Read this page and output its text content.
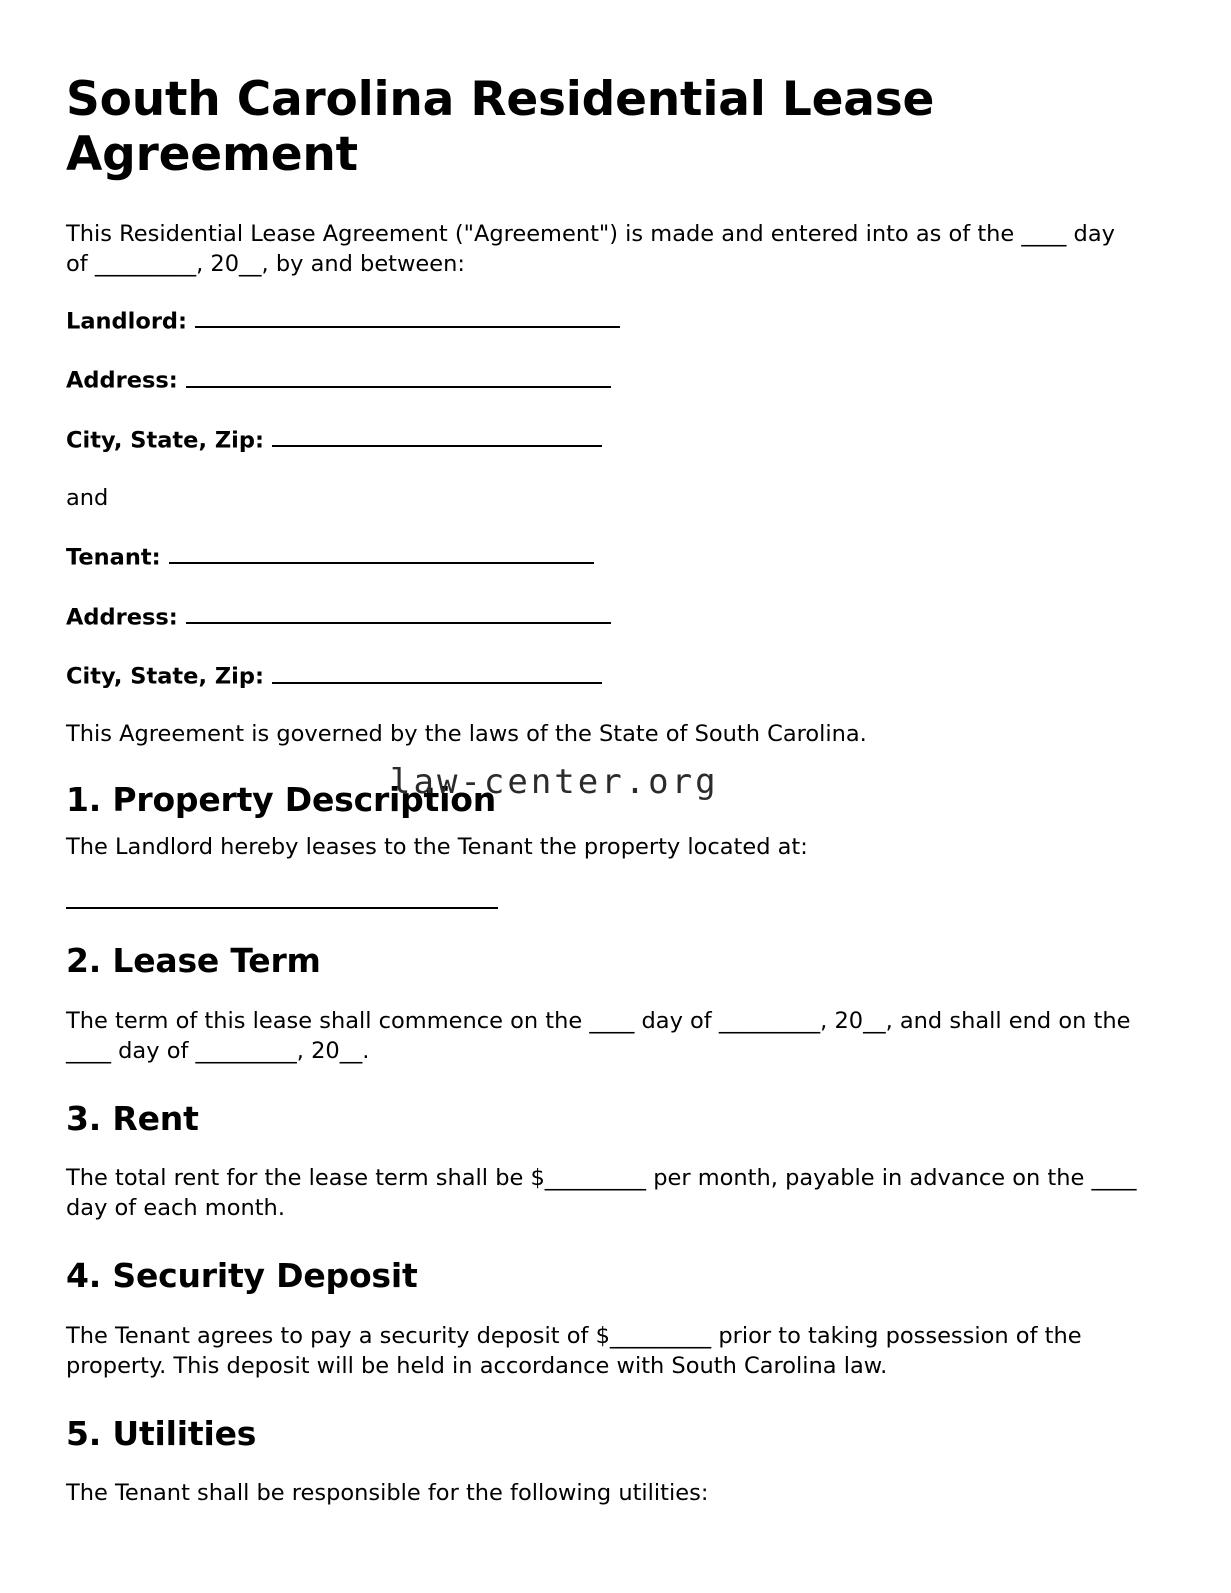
law-center.org
South Carolina Residential Lease Agreement

This Residential Lease Agreement ("Agreement") is made and entered into as of the ____ day of _________, 20__, by and between:

Landlord:
Address:
City, State, Zip:

and

Tenant:
Address:
City, State, Zip:

This Agreement is governed by the laws of the State of South Carolina.

1. Property Description

The Landlord hereby leases to the Tenant the property located at:

2. Lease Term

The term of this lease shall commence on the ____ day of _________, 20__, and shall end on the ____ day of _________, 20__.

3. Rent

The total rent for the lease term shall be $_________ per month, payable in advance on the ____ day of each month.

4. Security Deposit

The Tenant agrees to pay a security deposit of $_________ prior to taking possession of the property. This deposit will be held in accordance with South Carolina law.

5. Utilities

The Tenant shall be responsible for the following utilities:
